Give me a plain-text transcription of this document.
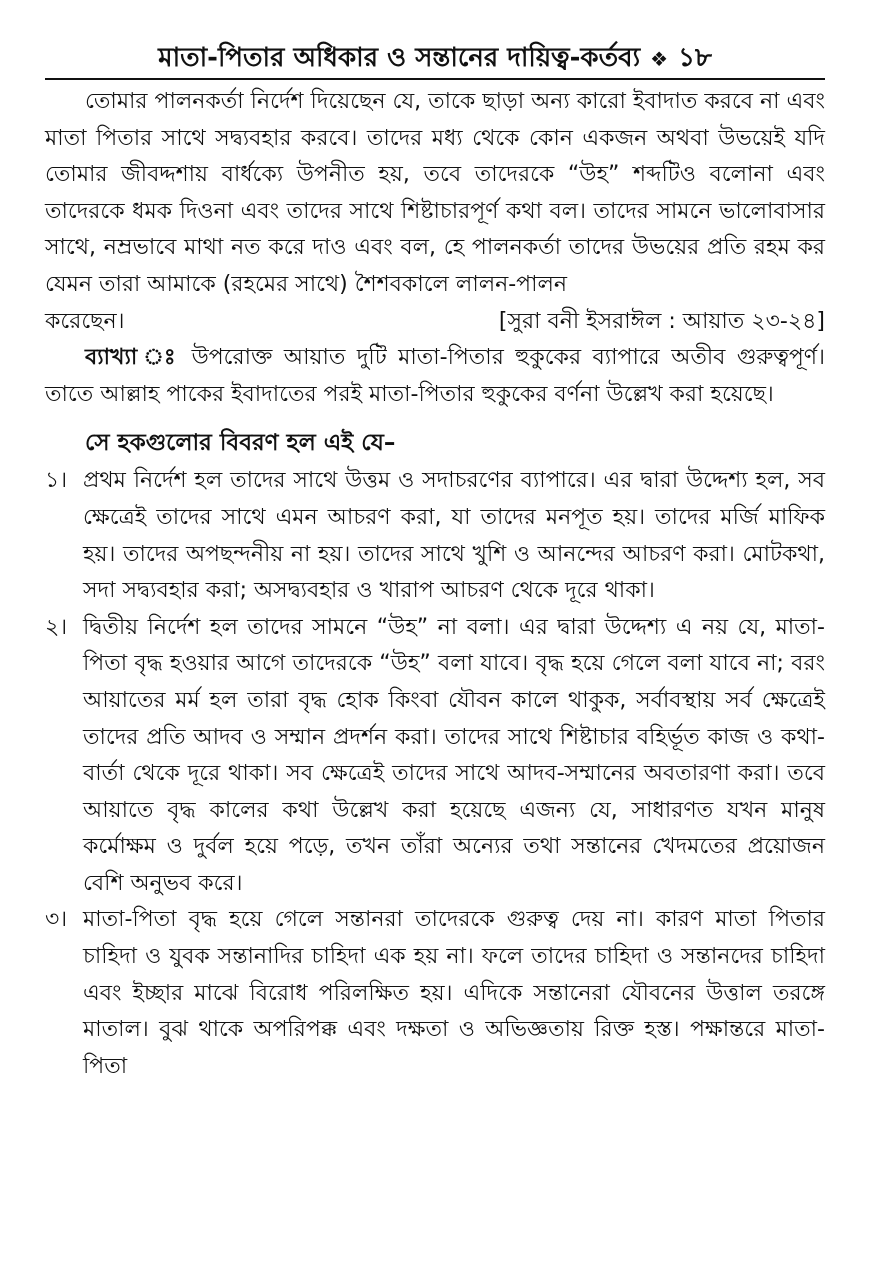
মাতা-পিতার অধিকার ও সন্তানের দায়িত্ব-কর্তব্য ❖ ১৮

তোমার পালনকর্তা নির্দেশ দিয়েছেন যে, তাকে ছাড়া অন্য কারো ইবাদাত করবে না এবং মাতা পিতার সাথে সদ্ব্যবহার করবে। তাদের মধ্য থেকে কোন একজন অথবা উভয়েই যদি তোমার জীবদ্দশায় বার্ধক্যে উপনীত হয়, তবে তাদেরকে “উহ” শব্দটিও বলোনা এবং তাদেরকে ধমক দিওনা এবং তাদের সাথে শিষ্টাচারপূর্ণ কথা বল। তাদের সামনে ভালোবাসার সাথে, নম্রভাবে মাথা নত করে দাও এবং বল, হে পালনকর্তা তাদের উভয়ের প্রতি রহম কর যেমন তারা আমাকে (রহমের সাথে) শৈশবকালে লালন-পালন

করেছেন।	[সুরা বনী ইসরাঈল : আয়াত ২৩-২৪]

ব্যাখ্যা ঃ উপরোক্ত আয়াত দুটি মাতা-পিতার হুকুকের ব্যাপারে অতীব গুরুত্বপূর্ণ। তাতে আল্লাহ পাকের ইবাদাতের পরই মাতা-পিতার হুকুকের বর্ণনা উল্লেখ করা হয়েছে।

সে হকগুলোর বিবরণ হল এই যে–

১। প্রথম নির্দেশ হল তাদের সাথে উত্তম ও সদাচরণের ব্যাপারে। এর দ্বারা উদ্দেশ্য হল, সব ক্ষেত্রেই তাদের সাথে এমন আচরণ করা, যা তাদের মনপূত হয়। তাদের মর্জি মাফিক হয়। তাদের অপছন্দনীয় না হয়। তাদের সাথে খুশি ও আনন্দের আচরণ করা। মোটকথা, সদা সদ্ব্যবহার করা; অসদ্ব্যবহার ও খারাপ আচরণ থেকে দূরে থাকা।
২। দ্বিতীয় নির্দেশ হল তাদের সামনে “উহ” না বলা। এর দ্বারা উদ্দেশ্য এ নয় যে, মাতা-পিতা বৃদ্ধ হওয়ার আগে তাদেরকে “উহ” বলা যাবে। বৃদ্ধ হয়ে গেলে বলা যাবে না; বরং আয়াতের মর্ম হল তারা বৃদ্ধ হোক কিংবা যৌবন কালে থাকুক, সর্বাবস্থায় সর্ব ক্ষেত্রেই তাদের প্রতি আদব ও সম্মান প্রদর্শন করা। তাদের সাথে শিষ্টাচার বহির্ভূত কাজ ও কথা-বার্তা থেকে দূরে থাকা। সব ক্ষেত্রেই তাদের সাথে আদব-সম্মানের অবতারণা করা। তবে আয়াতে বৃদ্ধ কালের কথা উল্লেখ করা হয়েছে এজন্য যে, সাধারণত যখন মানুষ কর্মোক্ষম ও দুর্বল হয়ে পড়ে, তখন তাঁরা অন্যের তথা সন্তানের খেদমতের প্রয়োজন বেশি অনুভব করে।
৩। মাতা-পিতা বৃদ্ধ হয়ে গেলে সন্তানরা তাদেরকে গুরুত্ব দেয় না। কারণ মাতা পিতার চাহিদা ও যুবক সন্তানাদির চাহিদা এক হয় না। ফলে তাদের চাহিদা ও সন্তানদের চাহিদা এবং ইচ্ছার মাঝে বিরোধ পরিলক্ষিত হয়। এদিকে সন্তানেরা যৌবনের উত্তাল তরঙ্গে মাতাল। বুঝ থাকে অপরিপক্ক এবং দক্ষতা ও অভিজ্ঞতায় রিক্ত হস্ত। পক্ষান্তরে মাতা-পিতা
